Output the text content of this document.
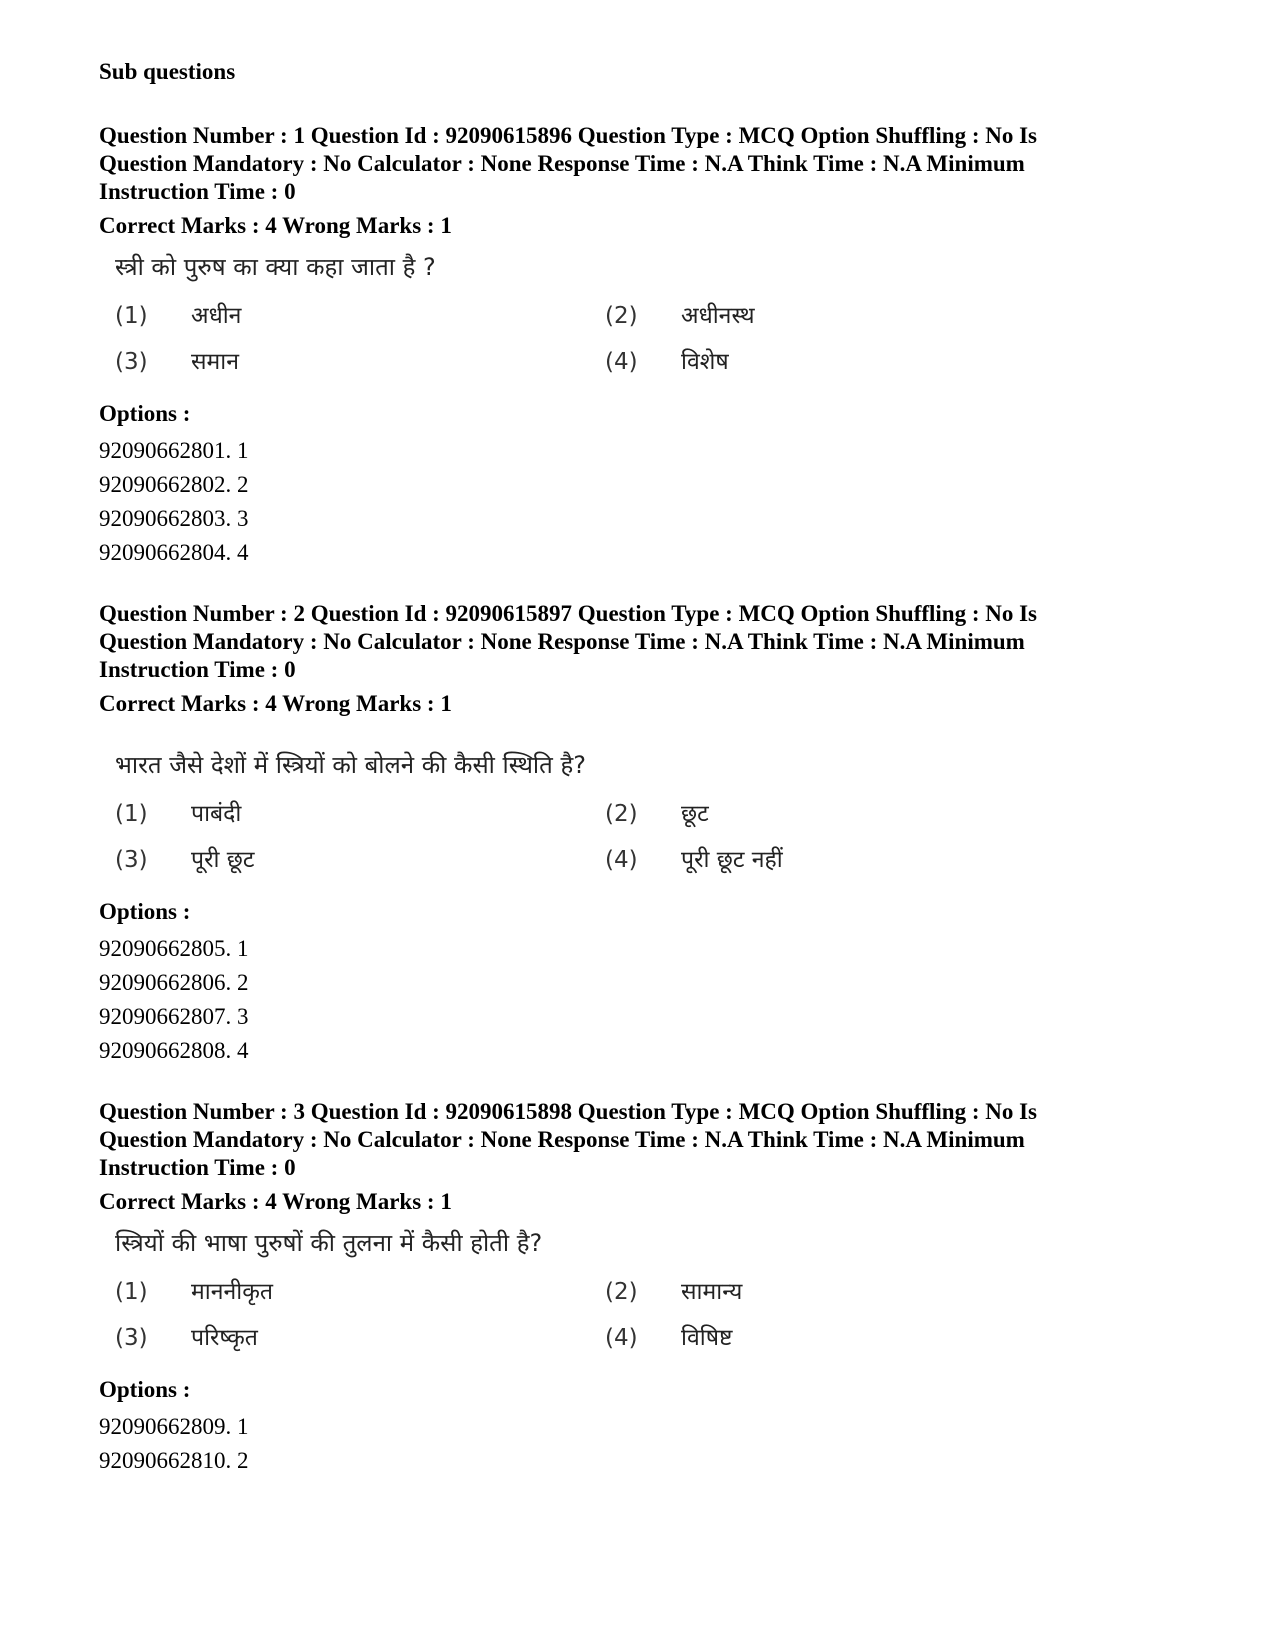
Sub questions

Question Number : 1 Question Id : 92090615896 Question Type : MCQ Option Shuffling : No Is

Question Mandatory : No Calculator : None Response Time : N.A Think Time : N.A Minimum

Instruction Time : 0

Correct Marks : 4 Wrong Marks : 1

स्त्री को पुरुष का क्या कहा जाता है ?
(1)	अधीन	(2)	अधीनस्थ
(3)	समान	(4)	विशेष

Options :

92090662801. 1

92090662802. 2

92090662803. 3

92090662804. 4

Question Number : 2 Question Id : 92090615897 Question Type : MCQ Option Shuffling : No Is

Question Mandatory : No Calculator : None Response Time : N.A Think Time : N.A Minimum

Instruction Time : 0

Correct Marks : 4 Wrong Marks : 1

भारत जैसे देशों में स्त्रियों को बोलने की कैसी स्थिति है?
(1)	पाबंदी	(2)	छूट
(3)	पूरी छूट	(4)	पूरी छूट नहीं

Options :

92090662805. 1

92090662806. 2

92090662807. 3

92090662808. 4

Question Number : 3 Question Id : 92090615898 Question Type : MCQ Option Shuffling : No Is

Question Mandatory : No Calculator : None Response Time : N.A Think Time : N.A Minimum

Instruction Time : 0

Correct Marks : 4 Wrong Marks : 1

स्त्रियों की भाषा पुरुषों की तुलना में कैसी होती है?
(1)	माननीकृत	(2)	सामान्य
(3)	परिष्कृत	(4)	विषिष्ट

Options :

92090662809. 1

92090662810. 2
